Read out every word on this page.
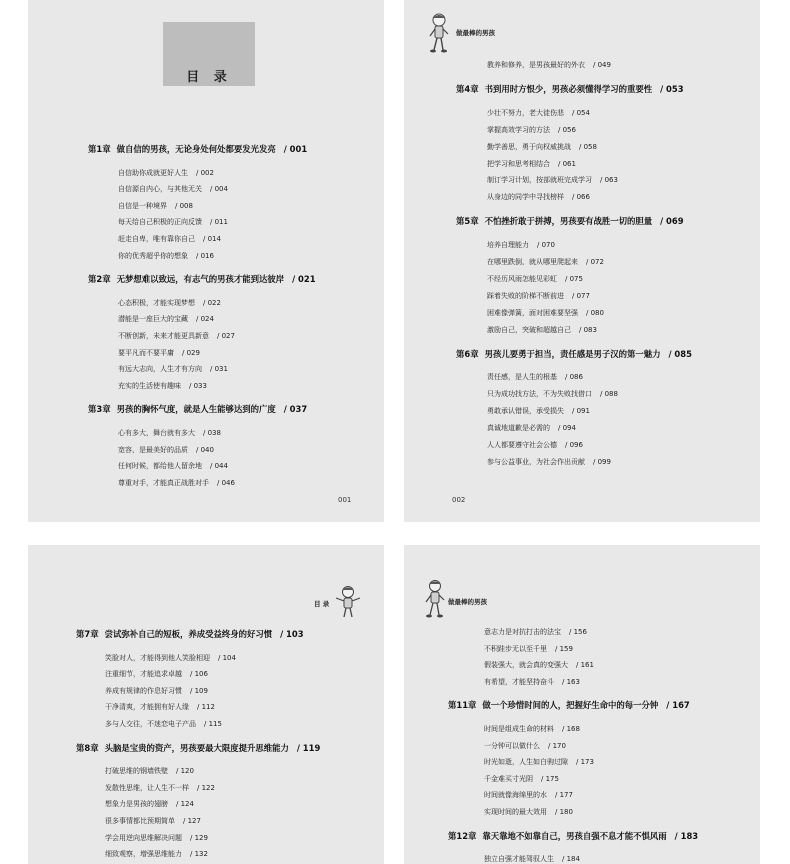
目 录
第1章 做自信的男孩，无论身处何处都要发光发亮 / 001
自信助你成就更好人生 / 002
自信源自内心，与其他无关 / 004
自信是一种境界 / 008
每天给自己积极的正向反馈 / 011
赶走自卑，唯有靠你自己 / 014
你的优秀超乎你的想象 / 016
第2章 无梦想难以致远，有志气的男孩才能到达彼岸 / 021
心态积极，才能实现梦想 / 022
潜能是一座巨大的宝藏 / 024
不断创新，未来才能更具新意 / 027
要平凡而不要平庸 / 029
有远大志向，人生才有方向 / 031
充实的生活使有趣味 / 033
第3章 男孩的胸怀气度，就是人生能够达到的广度 / 037
心有多大，舞台就有多大 / 038
宽容，是最美好的品质 / 040
任何时候，都给他人留余地 / 044
尊重对手，才能真正战胜对手 / 046
001
做最棒的男孩
教养和修养，是男孩最好的外衣 / 049
第4章 书到用时方恨少，男孩必须懂得学习的重要性 / 053
少壮不努力，老大徒伤悲 / 054
掌握高效学习的方法 / 056
勤学善思，勇于向权威挑战 / 058
把学习和思考相结合 / 061
制订学习计划，按部就班完成学习 / 063
从身边的同学中寻找榜样 / 066
第5章 不怕挫折敢于拼搏，男孩要有战胜一切的胆量 / 069
培养自理能力 / 070
在哪里跌倒，就从哪里爬起来 / 072
不经历风雨怎能见彩虹 / 075
踩着失败的阶梯不断前进 / 077
困难像弹簧，面对困难要坚强 / 080
激励自己，突破和超越自己 / 083
第6章 男孩儿要勇于担当，责任感是男子汉的第一魅力 / 085
责任感，是人生的根基 / 086
只为成功找方法，不为失败找借口 / 088
勇敢承认错误，承受损失 / 091
真诚地道歉是必需的 / 094
人人都要遵守社会公德 / 096
参与公益事业，为社会作出贡献 / 099
002
目 录
第7章 尝试弥补自己的短板，养成受益终身的好习惯 / 103
笑脸对人，才能得到他人笑脸相迎 / 104
注重细节，才能追求卓越 / 106
养成有规律的作息好习惯 / 109
干净清爽，才能拥有好人缘 / 112
多与人交往，不迷恋电子产品 / 115
第8章 头脑是宝贵的资产，男孩要最大限度提升思维能力 / 119
打破思维的钢墙铁壁 / 120
发散性思维，让人生不一样 / 122
想象力是男孩的翅膀 / 124
很多事情都比预期简单 / 127
学会用逆向思维解决问题 / 129
细致观察，增强思维能力 / 132
做最棒的男孩
意志力是对抗打击的法宝 / 156
不积跬步无以至千里 / 159
假装强大，就会真的变强大 / 161
有希望，才能坚持奋斗 / 163
第11章 做一个珍惜时间的人，把握好生命中的每一分钟 / 167
时间是组成生命的材料 / 168
一分钟可以做什么 / 170
时光如逝，人生如白驹过隙 / 173
千金难买寸光阴 / 175
时间就像海绵里的水 / 177
实现时间的最大效用 / 180
第12章 靠天靠地不如靠自己，男孩自强不息才能不惧风雨 / 183
独立自强才能驾驭人生 / 184
